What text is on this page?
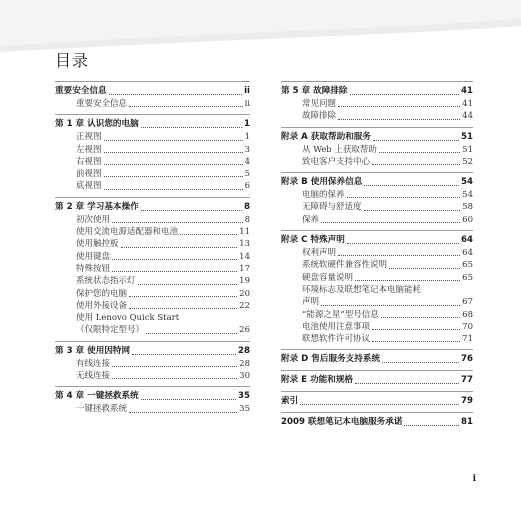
目录
重要安全信息	ii
重要安全信息	ii
第 1 章 认识您的电脑	1
正视图	1
左视图	3
右视图	4
前视图	5
底视图	6
第 2 章 学习基本操作	8
初次使用	8
使用交流电源适配器和电池	11
使用触控板	13
使用键盘	14
特殊按钮	17
系统状态指示灯	19
保护您的电脑	20
使用外接设备	22
使用 Lenovo Quick Start
（仅限特定型号）	26
第 3 章 使用因特网	28
有线连接	28
无线连接	30
第 4 章 一键拯救系统	35
一键拯救系统	35
第 5 章 故障排除	41
常见问题	41
故障排除	44
附录 A 获取帮助和服务	51
从 Web 上获取帮助	51
致电客户支持中心	52
附录 B 使用保养信息	54
电脑的保养	54
无障碍与舒适度	58
保养	60
附录 C 特殊声明	64
权利声明	64
系统软硬件兼容性说明	65
硬盘容量说明	65
环境标志及联想笔记本电脑能耗
声明	67
“能源之星”型号信息	68
电池使用注意事项	70
联想软件许可协议	71
附录 D 售后服务支持系统	76
附录 E 功能和规格	77
索引	79
2009 联想笔记本电脑服务承诺	81
i
